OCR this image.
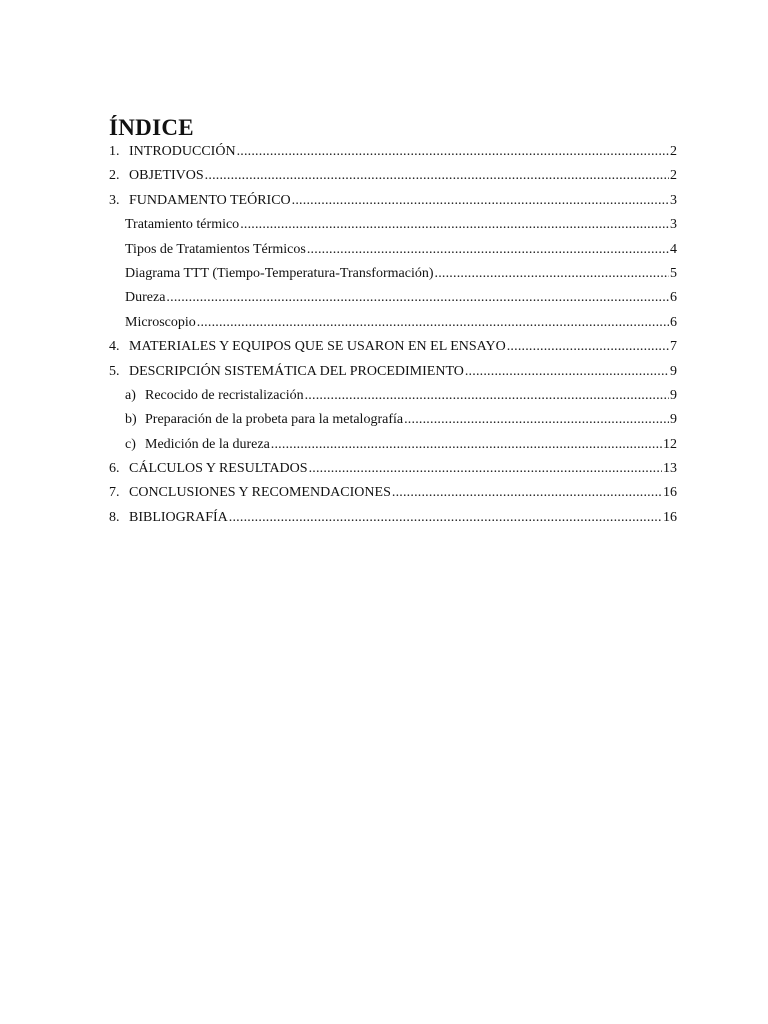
ÍNDICE
1. INTRODUCCIÓN .....	2
2. OBJETIVOS .....	2
3. FUNDAMENTO TEÓRICO .....	3
Tratamiento térmico .....	3
Tipos de Tratamientos Térmicos .....	4
Diagrama TTT (Tiempo-Temperatura-Transformación) .....	5
Dureza .....	6
Microscopio .....	6
4. MATERIALES Y EQUIPOS QUE SE USARON EN EL ENSAYO .....	7
5. DESCRIPCIÓN SISTEMÁTICA DEL PROCEDIMIENTO .....	9
a) Recocido de recristalización .....	9
b) Preparación de la probeta para la metalografía .....	9
c) Medición de la dureza .....	12
6. CÁLCULOS Y RESULTADOS .....	13
7. CONCLUSIONES Y RECOMENDACIONES .....	16
8. BIBLIOGRAFÍA .....	16
